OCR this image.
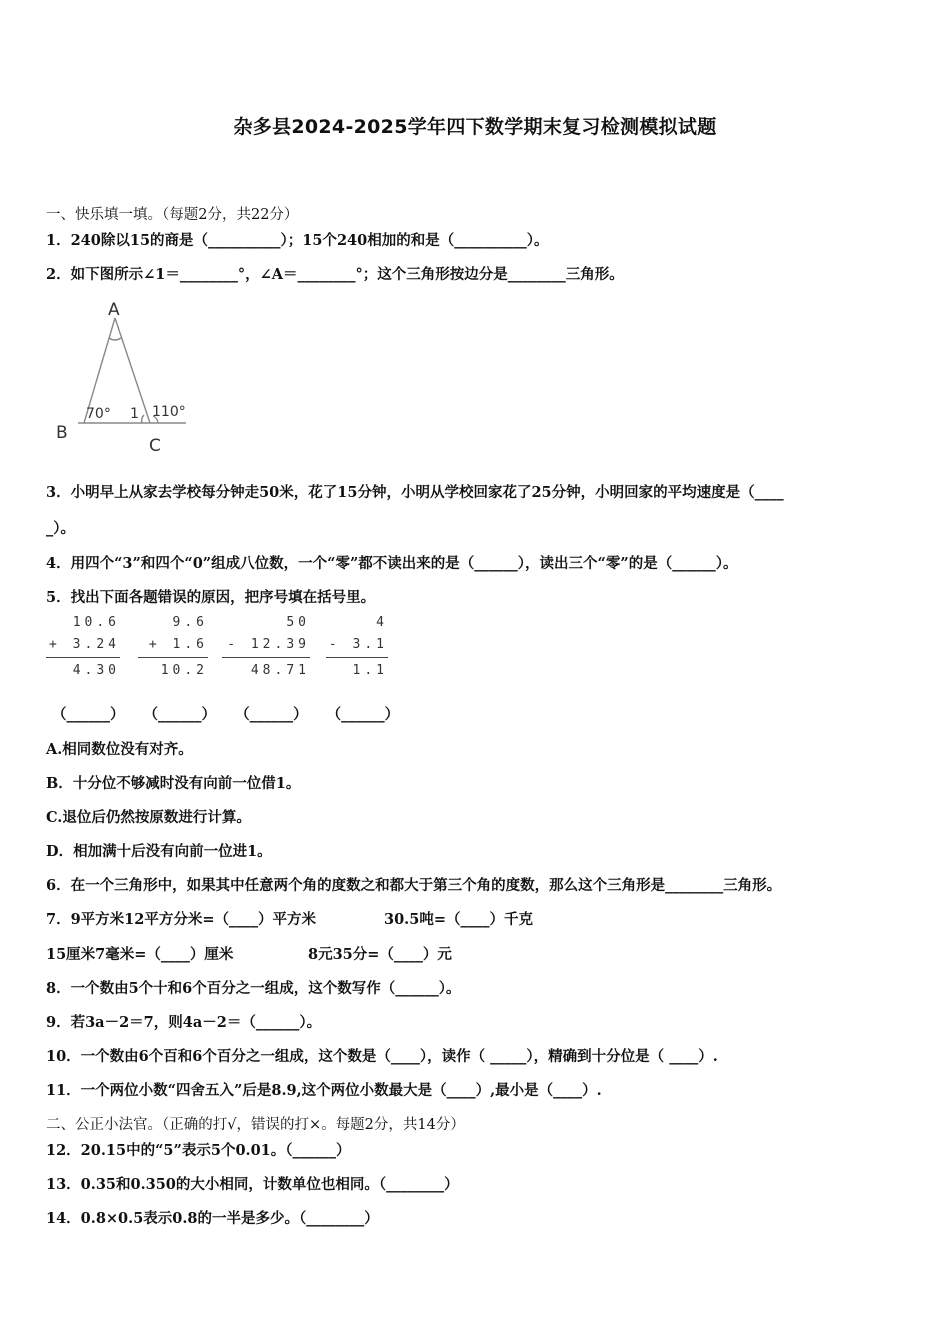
杂多县2024-2025学年四下数学期末复习检测模拟试题
一、快乐填一填。（每题2分，共22分）
1．240除以15的商是（__________）；15个240相加的和是（__________）。
2．如下图所示∠1＝________°，∠A＝________°；这个三角形按边分是________三角形。
A
B
C
70° 1 110°
3．小明早上从家去学校每分钟走50米，花了15分钟，小明从学校回家花了25分钟，小明回家的平均速度是（____
_）。
4．用四个“3”和四个“0”组成八位数，一个“零”都不读出来的是（______），读出三个“零”的是（______）。
5．找出下面各题错误的原因，把序号填在括号里。
10.6
+ 3.24
4.30
9.6
+ 1.6
10.2
50
- 12.39
48.71
4
- 3.1
1.1
（______） （______） （______） （______）
A.相同数位没有对齐。
B．十分位不够减时没有向前一位借1。
C.退位后仍然按原数进行计算。
D．相加满十后没有向前一位进1。
6．在一个三角形中，如果其中任意两个角的度数之和都大于第三个角的度数，那么这个三角形是________三角形。
7．9平方米12平方分米=（____）平方米	30.5吨=（____）千克
15厘米7毫米=（____）厘米	8元35分=（____）元
8．一个数由5个十和6个百分之一组成，这个数写作（______）。
9．若3a－2＝7，则4a－2＝（______）。
10．一个数由6个百和6个百分之一组成，这个数是（____），读作（ _____），精确到十分位是（ ____）.
11．一个两位小数“四舍五入”后是8.9,这个两位小数最大是（____）,最小是（____）.
二、公正小法官。（正确的打√，错误的打×。每题2分，共14分）
12．20.15中的“5”表示5个0.01。（______）
13．0.35和0.350的大小相同，计数单位也相同。（________）
14．0.8×0.5表示0.8的一半是多少。（________）
